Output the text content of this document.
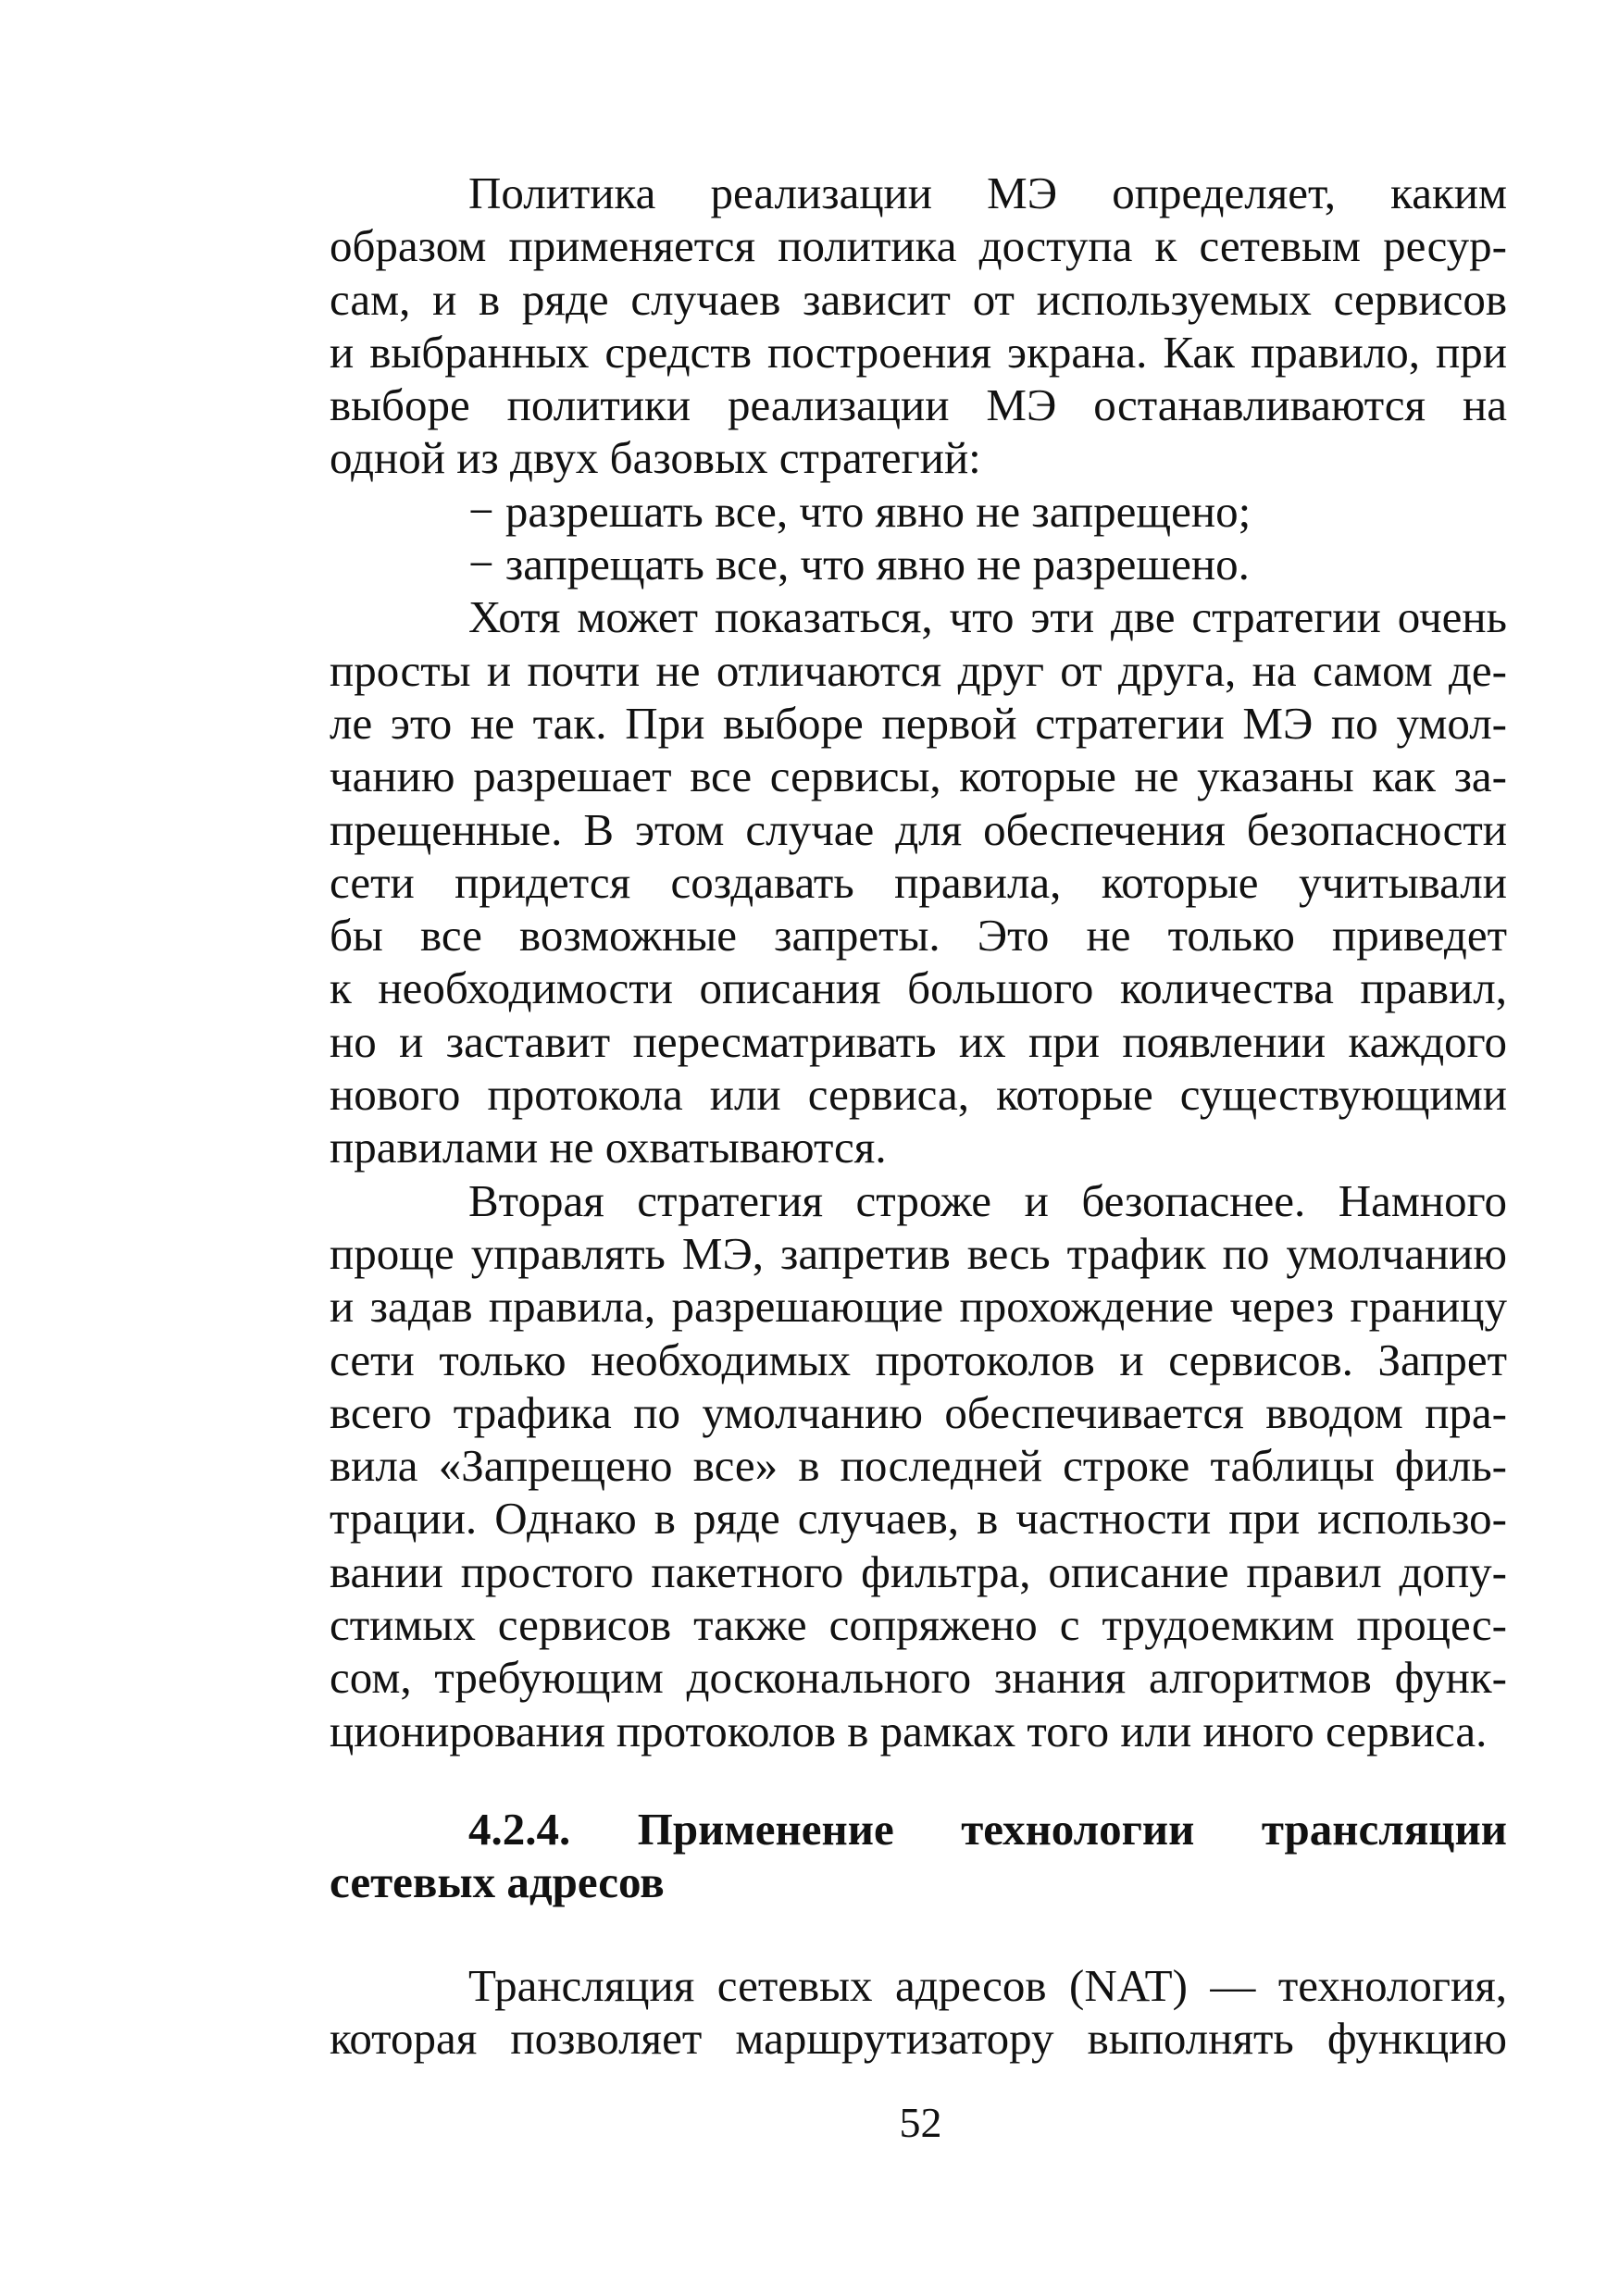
Политика реализации МЭ определяет, каким
образом применяется политика доступа к сетевым ресур-
сам, и в ряде случаев зависит от используемых сервисов
и выбранных средств построения экрана. Как правило, при
выборе политики реализации МЭ останавливаются на
одной из двух базовых стратегий:
− разрешать все, что явно не запрещено;
− запрещать все, что явно не разрешено.
Хотя может показаться, что эти две стратегии очень
просты и почти не отличаются друг от друга, на самом де-
ле это не так. При выборе первой стратегии МЭ по умол-
чанию разрешает все сервисы, которые не указаны как за-
прещенные. В этом случае для обеспечения безопасности
сети придется создавать правила, которые учитывали
бы все возможные запреты. Это не только приведет
к необходимости описания большого количества правил,
но и заставит пересматривать их при появлении каждого
нового протокола или сервиса, которые существующими
правилами не охватываются.
Вторая стратегия строже и безопаснее. Намного
проще управлять МЭ, запретив весь трафик по умолчанию
и задав правила, разрешающие прохождение через границу
сети только необходимых протоколов и сервисов. Запрет
всего трафика по умолчанию обеспечивается вводом пра-
вила «Запрещено все» в последней строке таблицы филь-
трации. Однако в ряде случаев, в частности при использо-
вании простого пакетного фильтра, описание правил допу-
стимых сервисов также сопряжено с трудоемким процес-
сом, требующим досконального знания алгоритмов функ-
ционирования протоколов в рамках того или иного сервиса.
4.2.4. Применение технологии трансляции
сетевых адресов
Трансляция сетевых адресов (NAT) — технология,
которая позволяет маршрутизатору выполнять функцию
52
